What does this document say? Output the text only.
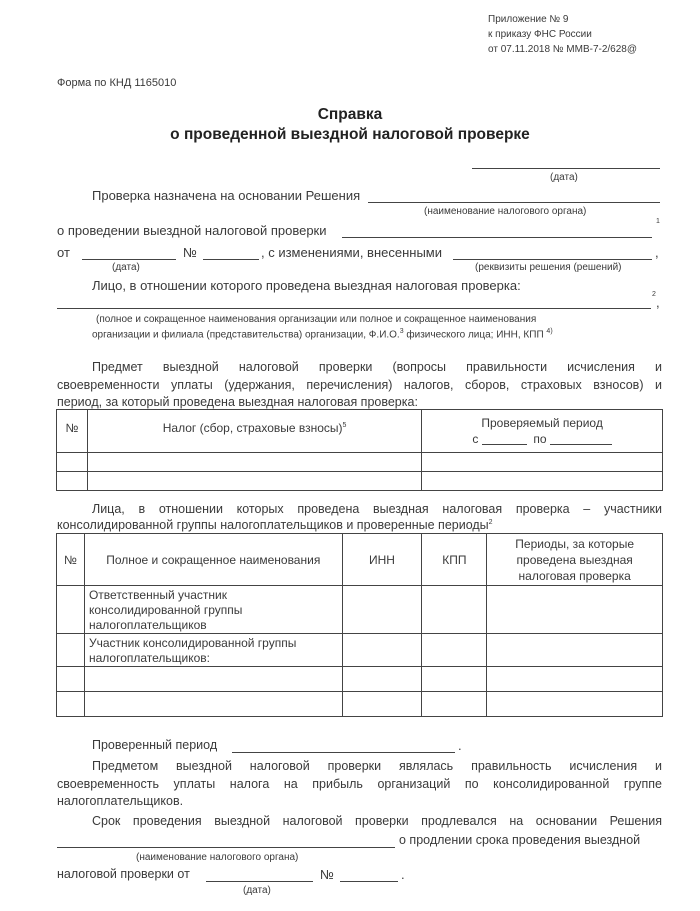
Приложение № 9
к приказу ФНС России
от 07.11.2018 № ММВ-7-2/628@
Форма по КНД 1165010
Справка
о проведенной выездной налоговой проверке
(дата)
Проверка назначена на основании Решения
(наименование налогового органа)
о проведении выездной налоговой проверки
1
от	№	, с изменениями, внесенными	,
(дата)	(реквизиты решения (решений)
Лицо, в отношении которого проведена выездная налоговая проверка:
2
,
(полное и сокращенное наименования организации или полное и сокращенное наименования
организации и филиала (представительства) организации, Ф.И.О.$^3$ физического лица; ИНН, КПП $^{4)}$
Предмет выездной налоговой проверки (вопросы правильности исчисления и
своевременности уплаты (удержания, перечисления) налогов, сборов, страховых взносов) и
период, за который проведена выездная налоговая проверка:
№	Налог (сбор, страховые взносы)$^5$	Проверяемый период
с по

Лица, в отношении которых проведена выездная налоговая проверка – участники
консолидированной группы налогоплательщиков и проверенные периоды$^2$
№	Полное и сокращенное наименования	ИНН	КПП	Периоды, за которые
проведена выездная
налоговая проверка

	Ответственный участник
консолидированной группы
налогоплательщиков			

	Участник консолидированной группы
налогоплательщиков:			

Проверенный период	.
Предметом выездной налоговой проверки являлась правильность исчисления и
своевременность уплаты налога на прибыль организаций по консолидированной группе
налогоплательщиков.
Срок проведения выездной налоговой проверки продлевался на основании Решения
о продлении срока проведения выездной
(наименование налогового органа)
налоговой проверки от	№	.
(дата)
